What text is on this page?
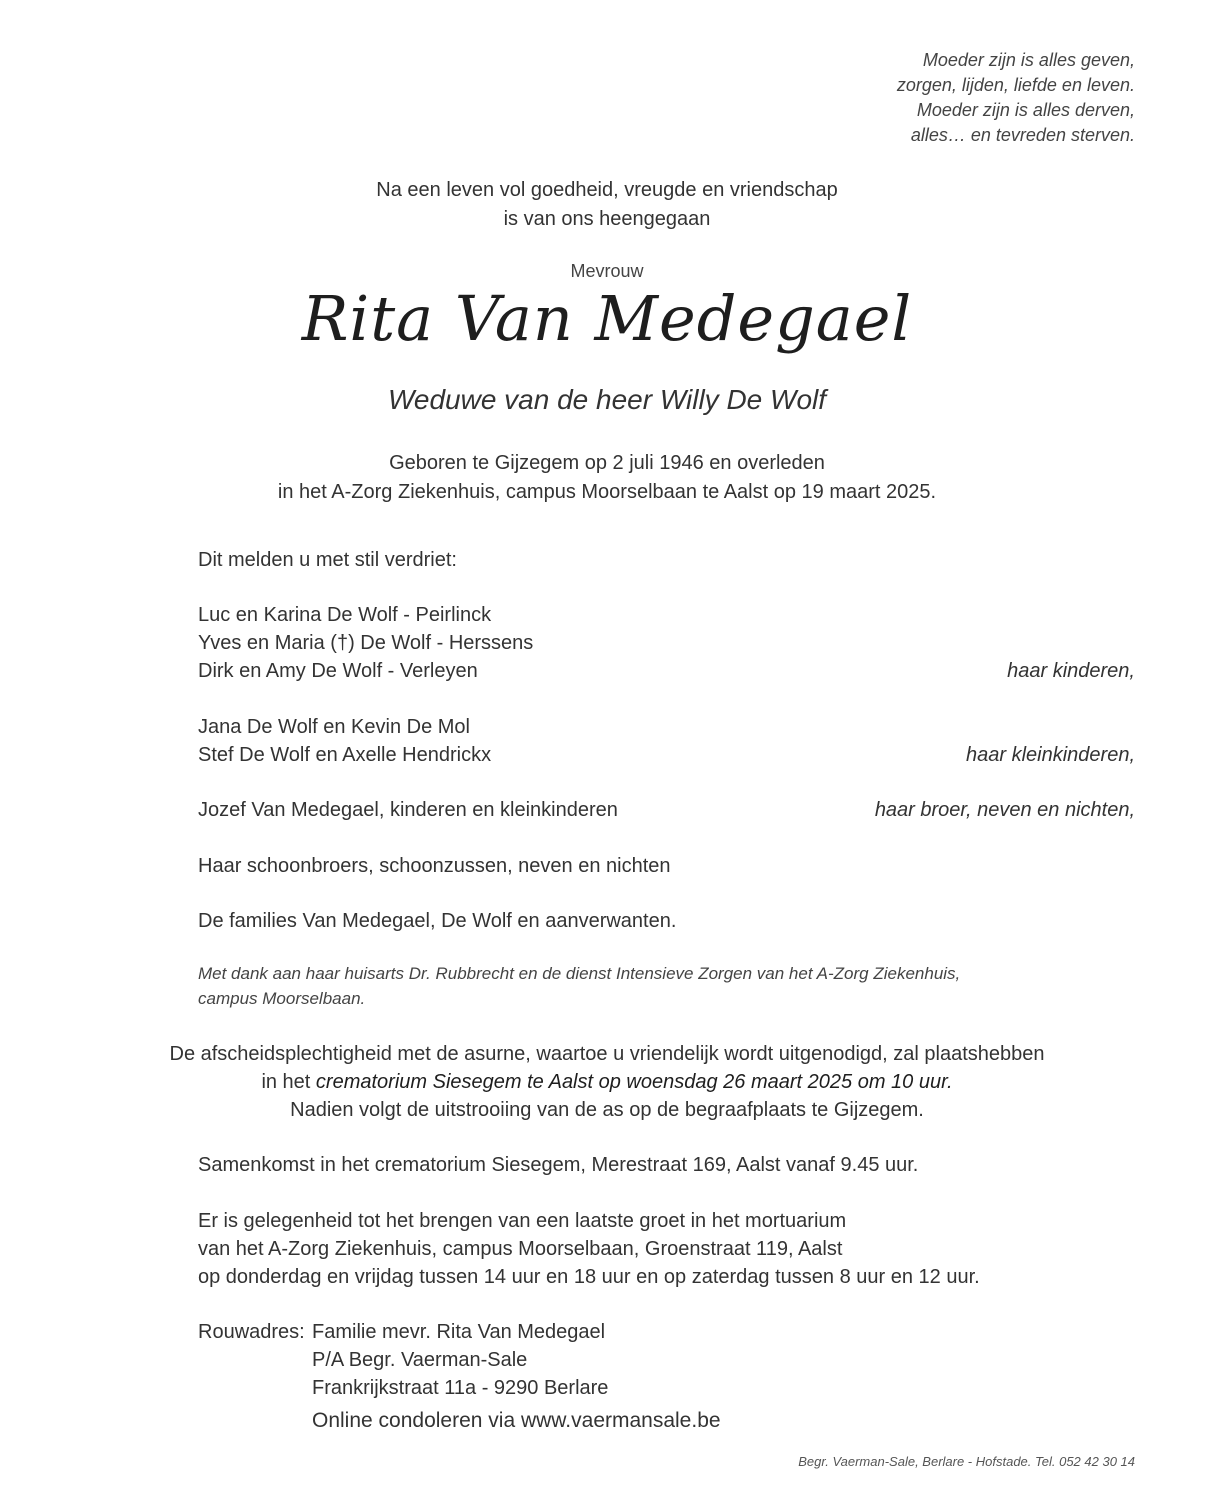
Moeder zijn is alles geven,
zorgen, lijden, liefde en leven.
Moeder zijn is alles derven,
alles… en tevreden sterven.
Na een leven vol goedheid, vreugde en vriendschap
is van ons heengegaan
Mevrouw
Rita Van Medegael
Weduwe van de heer Willy De Wolf
Geboren te Gijzegem op 2 juli 1946 en overleden
in het A-Zorg Ziekenhuis, campus Moorselbaan te Aalst op 19 maart 2025.
Dit melden u met stil verdriet:
Luc en Karina De Wolf - Peirlinck
Yves en Maria (†) De Wolf - Herssens
Dirk en Amy De Wolf - Verleyen	haar kinderen,
Jana De Wolf en Kevin De Mol
Stef De Wolf en Axelle Hendrickx	haar kleinkinderen,
Jozef Van Medegael, kinderen en kleinkinderen	haar broer, neven en nichten,
Haar schoonbroers, schoonzussen, neven en nichten
De families Van Medegael, De Wolf en aanverwanten.
Met dank aan haar huisarts Dr. Rubbrecht en de dienst Intensieve Zorgen van het A-Zorg Ziekenhuis,
campus Moorselbaan.
De afscheidsplechtigheid met de asurne, waartoe u vriendelijk wordt uitgenodigd, zal plaatshebben
in het crematorium Siesegem te Aalst op woensdag 26 maart 2025 om 10 uur.
Nadien volgt de uitstrooiing van de as op de begraafplaats te Gijzegem.
Samenkomst in het crematorium Siesegem, Merestraat 169, Aalst vanaf 9.45 uur.
Er is gelegenheid tot het brengen van een laatste groet in het mortuarium
van het A-Zorg Ziekenhuis, campus Moorselbaan, Groenstraat 119, Aalst
op donderdag en vrijdag tussen 14 uur en 18 uur en op zaterdag tussen 8 uur en 12 uur.
Rouwadres: Familie mevr. Rita Van Medegael
P/A Begr. Vaerman-Sale
Frankrijkstraat 11a - 9290 Berlare
Online condoleren via www.vaermansale.be
Begr. Vaerman-Sale, Berlare - Hofstade. Tel. 052 42 30 14
